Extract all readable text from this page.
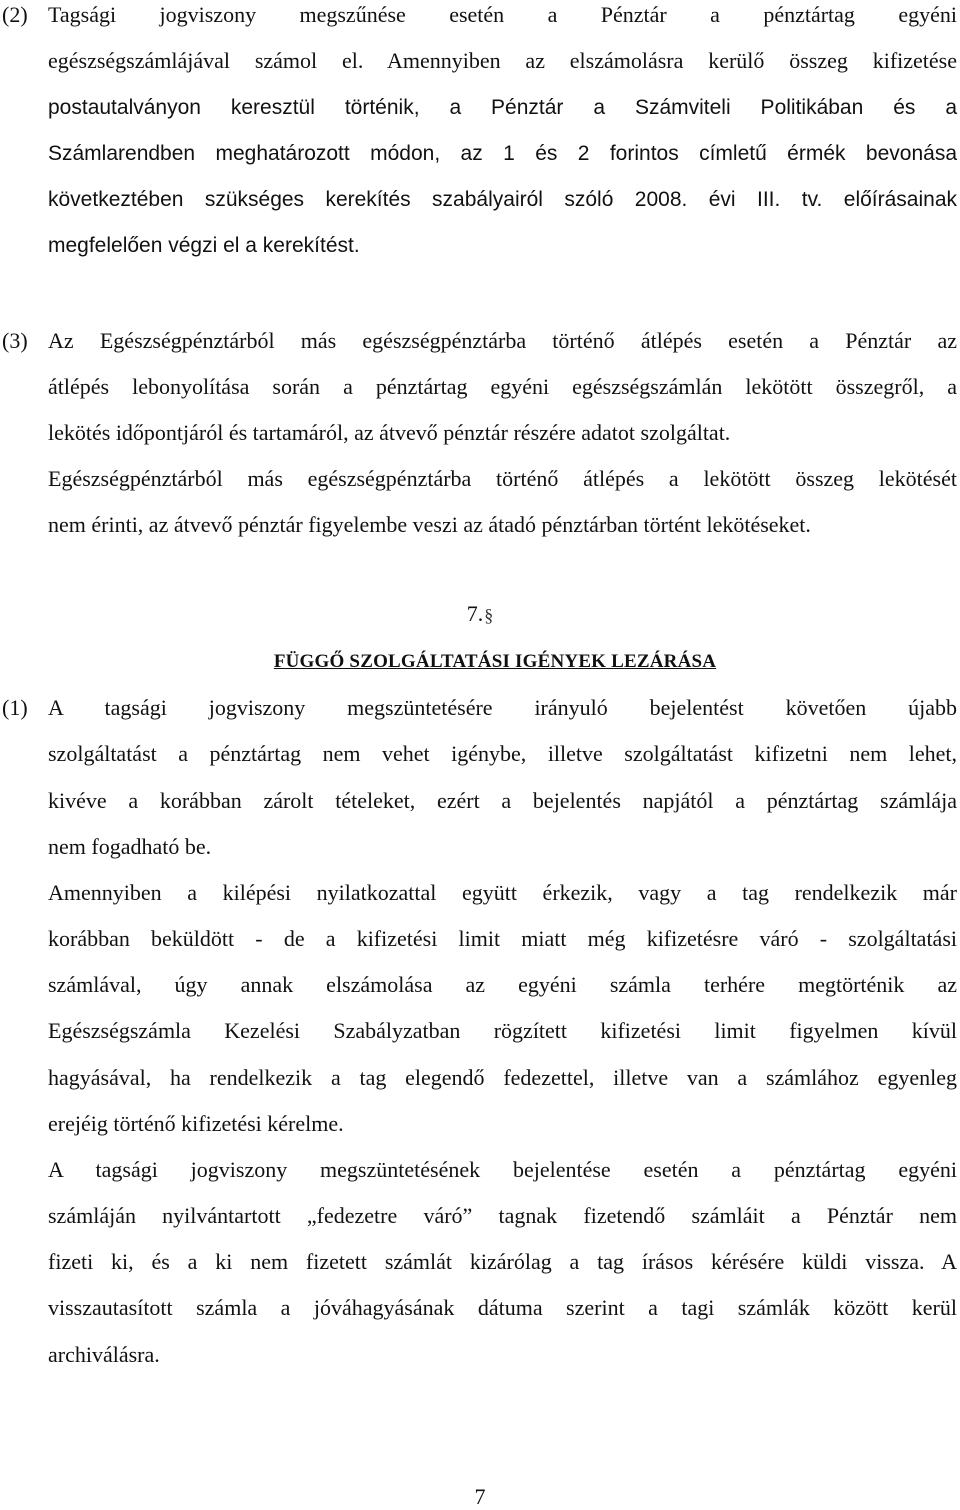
(2) Tagsági jogviszony megszűnése esetén a Pénztár a pénztártag egyéni
egészségszámlájával számol el. Amennyiben az elszámolásra kerülő összeg kifizetése
postautalványon keresztül történik, a Pénztár a Számviteli Politikában és a
Számlarendben meghatározott módon, az 1 és 2 forintos címletű érmék bevonása
következtében szükséges kerekítés szabályairól szóló 2008. évi III. tv. előírásainak
megfelelően végzi el a kerekítést.
(3) Az Egészségpénztárból más egészségpénztárba történő átlépés esetén a Pénztár az
átlépés lebonyolítása során a pénztártag egyéni egészségszámlán lekötött összegről, a
lekötés időpontjáról és tartamáról, az átvevő pénztár részére adatot szolgáltat.
Egészségpénztárból más egészségpénztárba történő átlépés a lekötött összeg lekötését
nem érinti, az átvevő pénztár figyelembe veszi az átadó pénztárban történt lekötéseket.
7.§
FÜGGŐ SZOLGÁLTATÁSI IGÉNYEK LEZÁRÁSA
(1) A tagsági jogviszony megszüntetésére irányuló bejelentést követően újabb
szolgáltatást a pénztártag nem vehet igénybe, illetve szolgáltatást kifizetni nem lehet,
kivéve a korábban zárolt tételeket, ezért a bejelentés napjától a pénztártag számlája
nem fogadható be.
Amennyiben a kilépési nyilatkozattal együtt érkezik, vagy a tag rendelkezik már
korábban beküldött - de a kifizetési limit miatt még kifizetésre váró - szolgáltatási
számlával, úgy annak elszámolása az egyéni számla terhére megtörténik az
Egészségszámla Kezelési Szabályzatban rögzített kifizetési limit figyelmen kívül
hagyásával, ha rendelkezik a tag elegendő fedezettel, illetve van a számlához egyenleg
erejéig történő kifizetési kérelme.
A tagsági jogviszony megszüntetésének bejelentése esetén a pénztártag egyéni
számláján nyilvántartott „fedezetre váró” tagnak fizetendő számláit a Pénztár nem
fizeti ki, és a ki nem fizetett számlát kizárólag a tag írásos kérésére küldi vissza. A
visszautasított számla a jóváhagyásának dátuma szerint a tagi számlák között kerül
archiválásra.
7
